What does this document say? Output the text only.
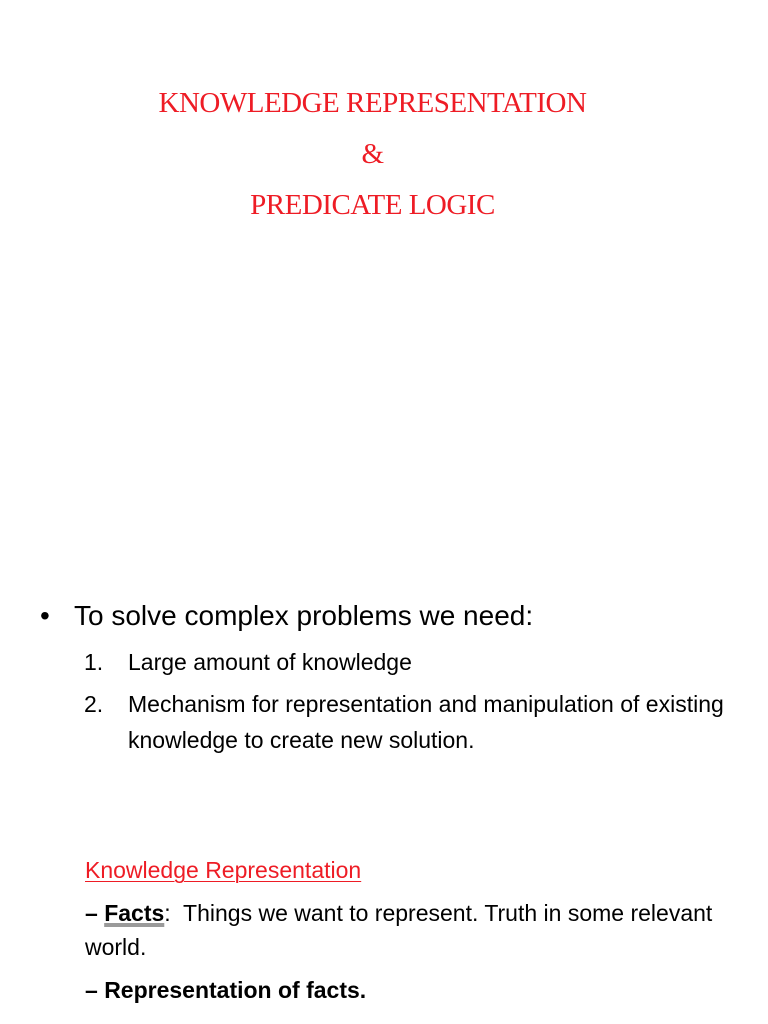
KNOWLEDGE REPRESENTATION
&
PREDICATE LOGIC
• To solve complex problems we need:
1. Large amount of knowledge
2. Mechanism for representation and manipulation of existing knowledge to create new solution.
Knowledge Representation
– Facts:  Things we want to represent. Truth in some relevant world.
– Representation of facts.
